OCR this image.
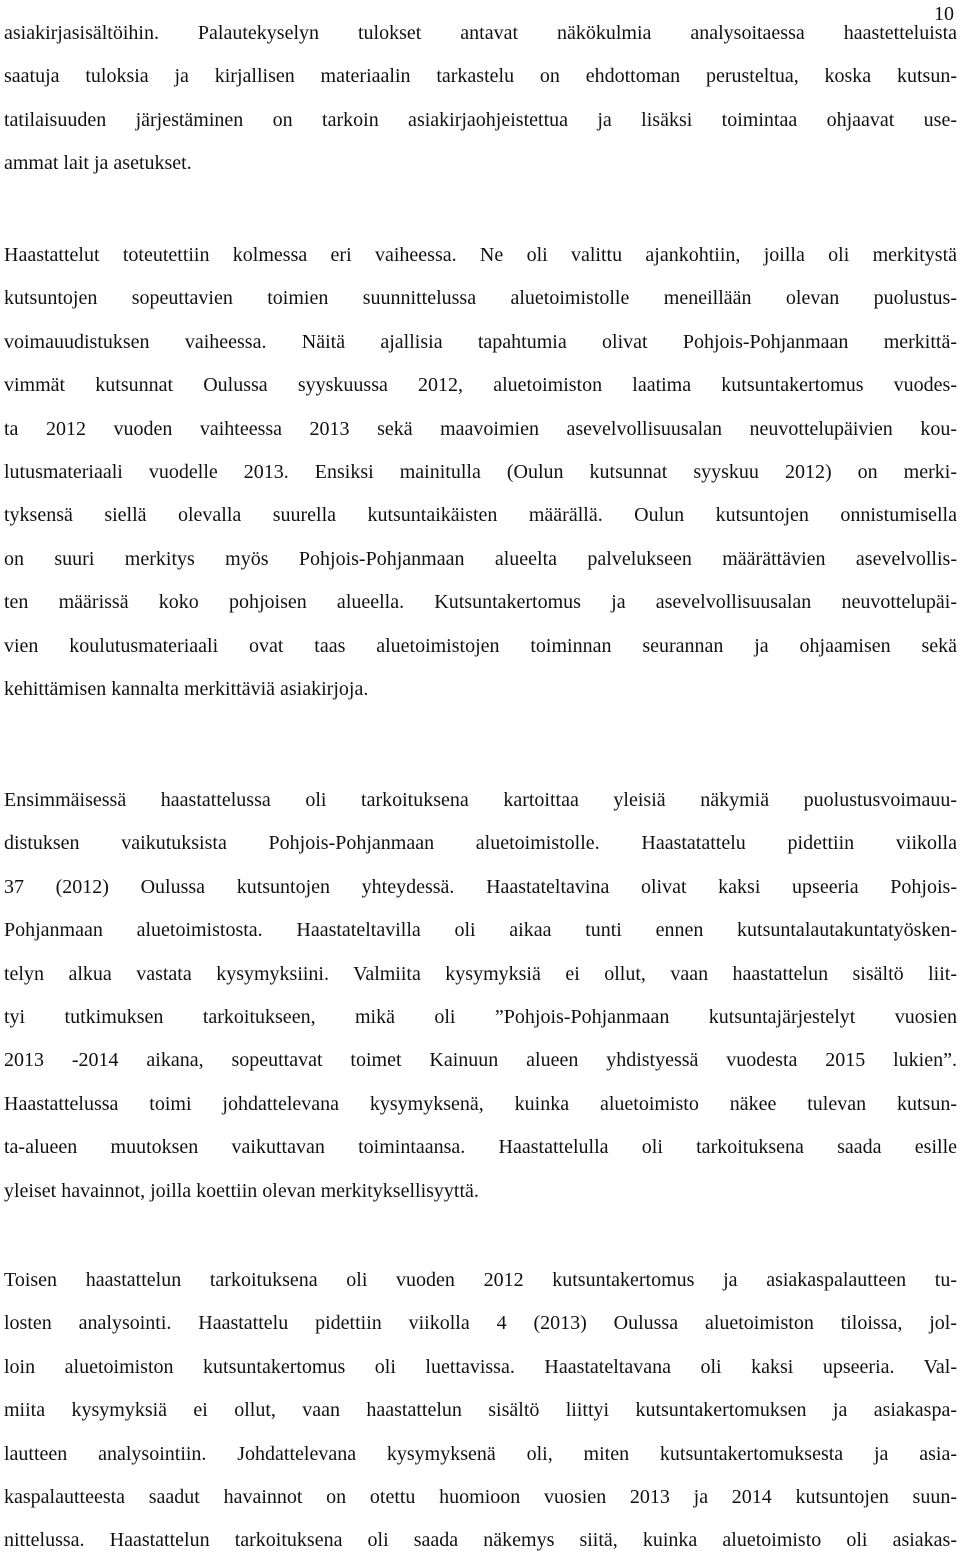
10
asiakirjasisältöihin. Palautekyselyn tulokset antavat näkökulmia analysoitaessa haastetteluista
saatuja tuloksia ja kirjallisen materiaalin tarkastelu on ehdottoman perusteltua, koska kutsun-
tatilaisuuden järjestäminen on tarkoin asiakirjaohjeistettua ja lisäksi toimintaa ohjaavat use-
ammat lait ja asetukset.
Haastattelut toteutettiin kolmessa eri vaiheessa. Ne oli valittu ajankohtiin, joilla oli merkitystä
kutsuntojen sopeuttavien toimien suunnittelussa aluetoimistolle meneillään olevan puolustus-
voimauudistuksen vaiheessa. Näitä ajallisia tapahtumia olivat Pohjois-Pohjanmaan merkittä-
vimmät kutsunnat Oulussa syyskuussa 2012, aluetoimiston laatima kutsuntakertomus vuodes-
ta 2012 vuoden vaihteessa 2013 sekä maavoimien asevelvollisuusalan neuvottelupäivien kou-
lutusmateriaali vuodelle 2013. Ensiksi mainitulla (Oulun kutsunnat syyskuu 2012) on merki-
tyksensä siellä olevalla suurella kutsuntaikäisten määrällä. Oulun kutsuntojen onnistumisella
on suuri merkitys myös Pohjois-Pohjanmaan alueelta palvelukseen määrättävien asevelvollis-
ten määrissä koko pohjoisen alueella. Kutsuntakertomus ja asevelvollisuusalan neuvottelupäi-
vien koulutusmateriaali ovat taas aluetoimistojen toiminnan seurannan ja ohjaamisen sekä
kehittämisen kannalta merkittäviä asiakirjoja.
Ensimmäisessä haastattelussa oli tarkoituksena kartoittaa yleisiä näkymiä puolustusvoimauu-
distuksen vaikutuksista Pohjois-Pohjanmaan aluetoimistolle. Haastatattelu pidettiin viikolla
37 (2012) Oulussa kutsuntojen yhteydessä. Haastateltavina olivat kaksi upseeria Pohjois-
Pohjanmaan aluetoimistosta. Haastateltavilla oli aikaa tunti ennen kutsuntalautakuntatyösken-
telyn alkua vastata kysymyksiini. Valmiita kysymyksiä ei ollut, vaan haastattelun sisältö liit-
tyi tutkimuksen tarkoitukseen, mikä oli ”Pohjois-Pohjanmaan kutsuntajärjestelyt vuosien
2013 -2014 aikana, sopeuttavat toimet Kainuun alueen yhdistyessä vuodesta 2015 lukien”.
Haastattelussa toimi johdattelevana kysymyksenä, kuinka aluetoimisto näkee tulevan kutsun-
ta-alueen muutoksen vaikuttavan toimintaansa. Haastattelulla oli tarkoituksena saada esille
yleiset havainnot, joilla koettiin olevan merkityksellisyyttä.
Toisen haastattelun tarkoituksena oli vuoden 2012 kutsuntakertomus ja asiakaspalautteen tu-
losten analysointi. Haastattelu pidettiin viikolla 4 (2013) Oulussa aluetoimiston tiloissa, jol-
loin aluetoimiston kutsuntakertomus oli luettavissa. Haastateltavana oli kaksi upseeria. Val-
miita kysymyksiä ei ollut, vaan haastattelun sisältö liittyi kutsuntakertomuksen ja asiakaspa-
lautteen analysointiin. Johdattelevana kysymyksenä oli, miten kutsuntakertomuksesta ja asia-
kaspalautteesta saadut havainnot on otettu huomioon vuosien 2013 ja 2014 kutsuntojen suun-
nittelussa. Haastattelun tarkoituksena oli saada näkemys siitä, kuinka aluetoimisto oli asiakas-
